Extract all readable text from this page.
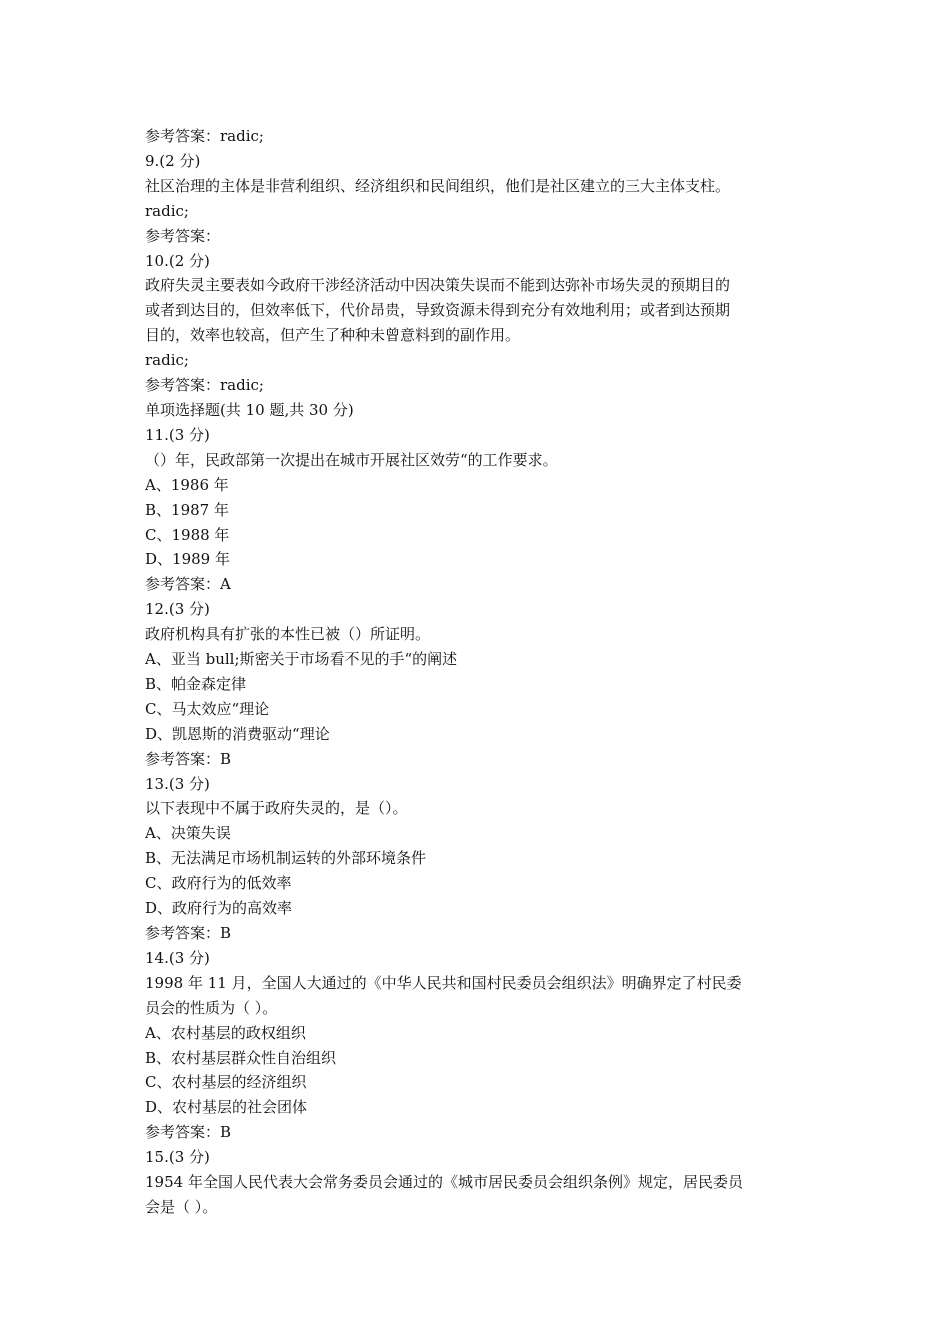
参考答案：radic;
9.(2 分)
社区治理的主体是非营利组织、经济组织和民间组织，他们是社区建立的三大主体支柱。
radic;
参考答案：
10.(2 分)
政府失灵主要表如今政府干涉经济活动中因决策失误而不能到达弥补市场失灵的预期目的
或者到达目的，但效率低下，代价昂贵，导致资源未得到充分有效地利用；或者到达预期
目的，效率也较高，但产生了种种未曾意料到的副作用。
radic;
参考答案：radic;
单项选择题(共 10 题,共 30 分)
11.(3 分)
（）年，民政部第一次提出在城市开展社区效劳“的工作要求。
A、1986 年
B、1987 年
C、1988 年
D、1989 年
参考答案：A
12.(3 分)
政府机构具有扩张的本性已被（）所证明。
A、亚当 bull;斯密关于市场看不见的手“的阐述
B、帕金森定律
C、马太效应“理论
D、凯恩斯的消费驱动“理论
参考答案：B
13.(3 分)
以下表现中不属于政府失灵的，是（）。
A、决策失误
B、无法满足市场机制运转的外部环境条件
C、政府行为的低效率
D、政府行为的高效率
参考答案：B
14.(3 分)
1998 年 11 月，全国人大通过的《中华人民共和国村民委员会组织法》明确界定了村民委
员会的性质为（ ）。
A、农村基层的政权组织
B、农村基层群众性自治组织
C、农村基层的经济组织
D、农村基层的社会团体
参考答案：B
15.(3 分)
1954 年全国人民代表大会常务委员会通过的《城市居民委员会组织条例》规定，居民委员
会是（ ）。
